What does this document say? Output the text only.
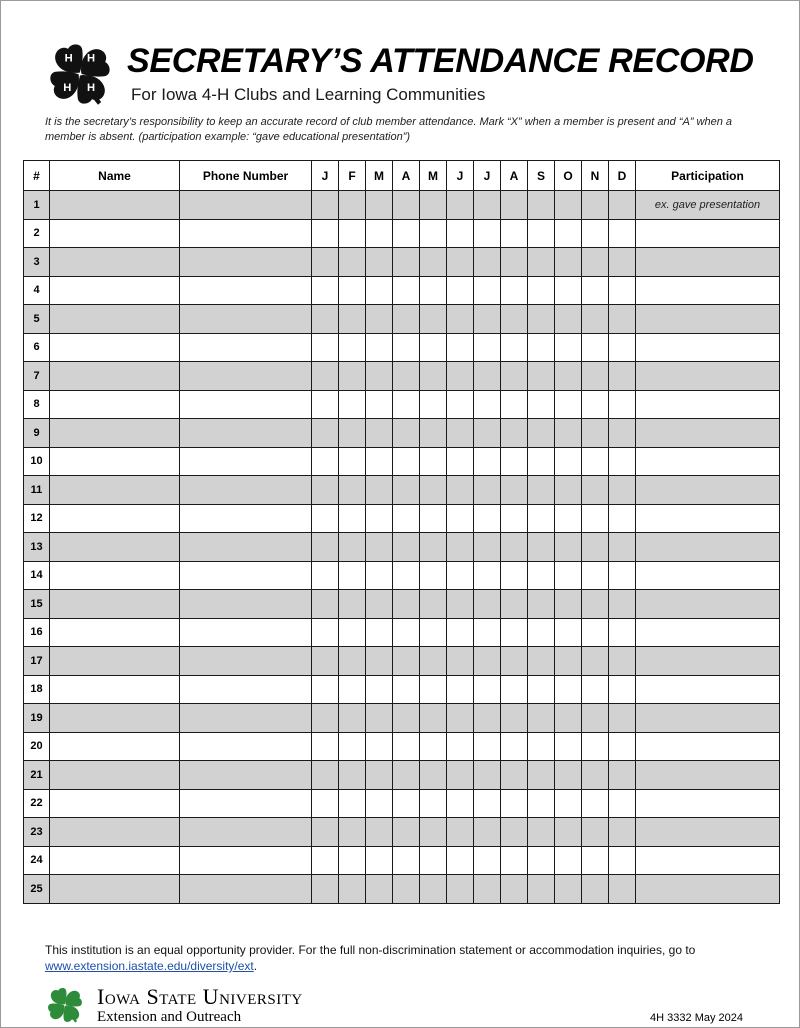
H H
H H
SECRETARY’S ATTENDANCE RECORD
For Iowa 4-H Clubs and Learning Communities
It is the secretary’s responsibility to keep an accurate record of club member attendance. Mark “X” when a member is present and “A” when a member is absent. (participation example: “gave educational presentation”)
#	Name	Phone Number	J	F	M	A	M	J	J	A	S	O	N	D	Participation
1															ex. gave presentation
2															
3															
4															
5															
6															
7															
8															
9															
10															
11															
12															
13															
14															
15															
16															
17															
18															
19															
20															
21															
22															
23															
24															
25															
This institution is an equal opportunity provider. For the full non-discrimination statement or accommodation inquiries, go to www.extension.iastate.edu/diversity/ext.
Iowa State University
Extension and Outreach	4H 3332 May 2024
